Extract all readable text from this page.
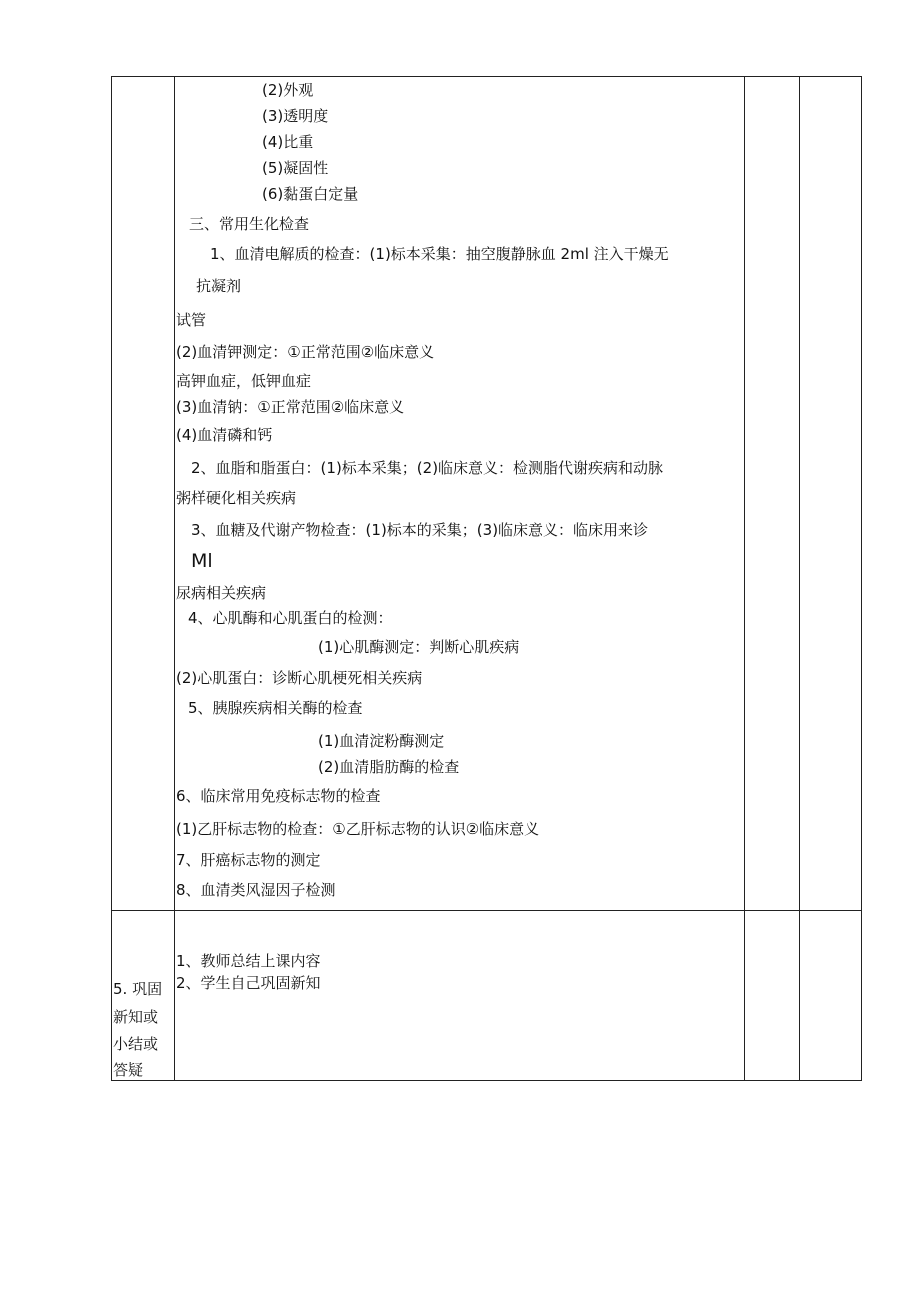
(2)外观
(3)透明度
(4)比重
(5)凝固性
(6)黏蛋白定量
三、常用生化检查
1、血清电解质的检查：(1)标本采集：抽空腹静脉血 2ml 注入干燥无
抗凝剂
试管
(2)血清钾测定：①正常范围②临床意义
高钾血症，低钾血症
(3)血清钠：①正常范围②临床意义
(4)血清磷和钙
2、血脂和脂蛋白：(1)标本采集；(2)临床意义：检测脂代谢疾病和动脉
粥样硬化相关疾病
3、血糖及代谢产物检查：(1)标本的采集；(3)临床意义：临床用来诊
Ml
尿病相关疾病
4、心肌酶和心肌蛋白的检测：
(1)心肌酶测定：判断心肌疾病
(2)心肌蛋白：诊断心肌梗死相关疾病
5、胰腺疾病相关酶的检查
(1)血清淀粉酶测定
(2)血清脂肪酶的检查
6、临床常用免疫标志物的检查
(1)乙肝标志物的检查：①乙肝标志物的认识②临床意义
7、肝癌标志物的测定
8、血清类风湿因子检测
5. 巩固
新知或
小结或
答疑
1、教师总结上课内容
2、学生自己巩固新知
